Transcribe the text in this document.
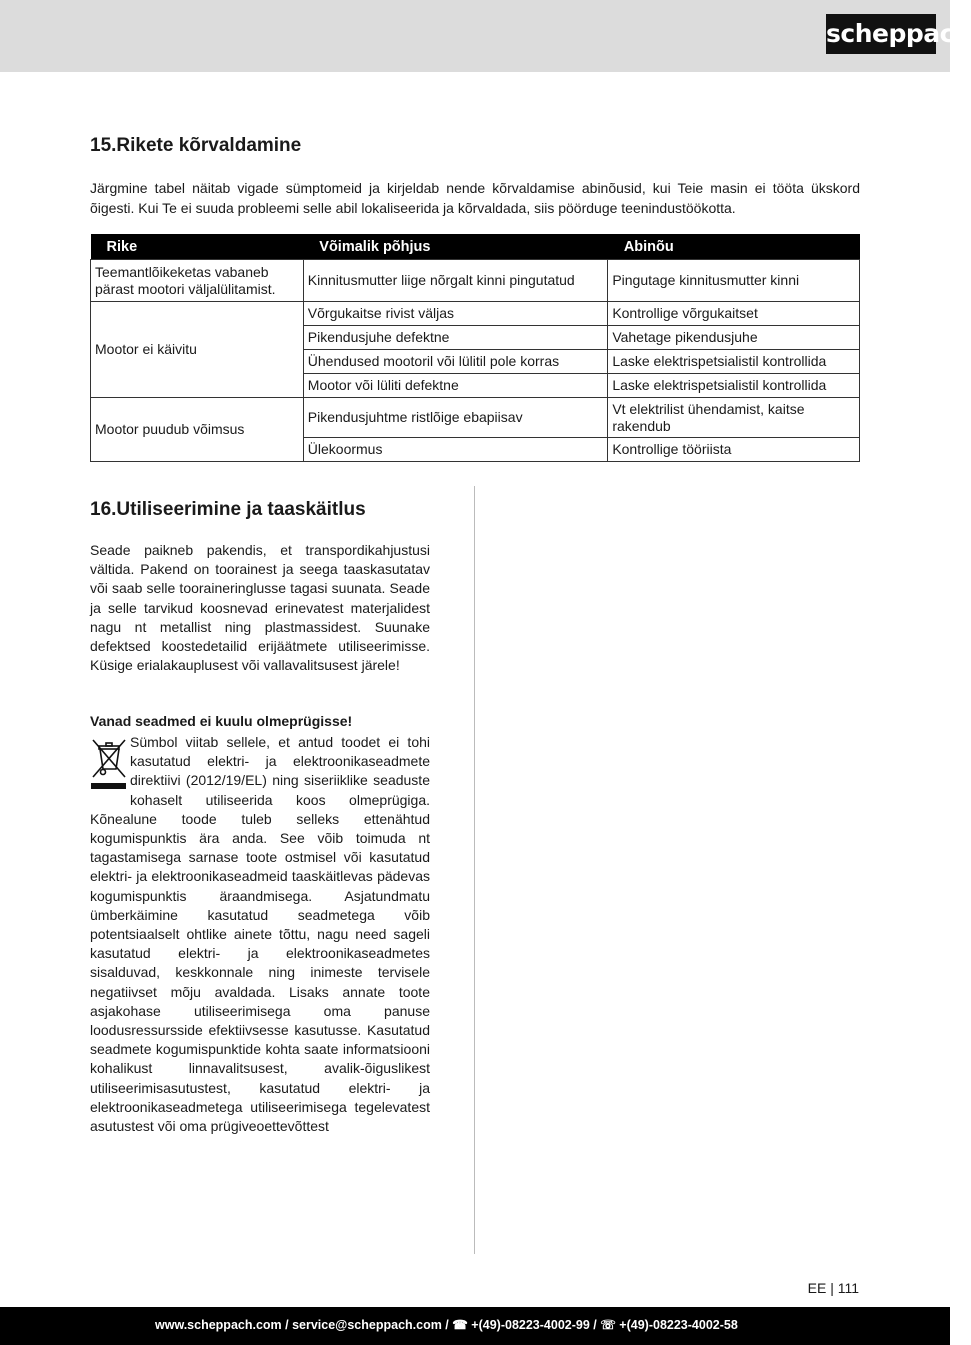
scheppach
15.Rikete kõrvaldamine
Järgmine tabel näitab vigade sümptomeid ja kirjeldab nende kõrvaldamise abinõusid, kui Teie masin ei tööta ükskord õigesti. Kui Te ei suuda probleemi selle abil lokaliseerida ja kõrvaldada, siis pöörduge teenindustöökotta.
Rike	Võimalik põhjus	Abinõu
Teemantlõikeketas vabaneb pärast mootori väljalülitamist.	Kinnitusmutter liige nõrgalt kinni pingutatud	Pingutage kinnitusmutter kinni
Mootor ei käivitu	Võrgukaitse rivist väljas	Kontrollige võrgukaitset
	Pikendusjuhe defektne	Vahetage pikendusjuhe
	Ühendused mootoril või lülitil pole korras	Laske elektrispetsialistil kontrollida
	Mootor või lüliti defektne	Laske elektrispetsialistil kontrollida
Mootor puudub võimsus	Pikendusjuhtme ristlõige ebapiisav	Vt elektrilist ühendamist, kaitse rakendub
	Ülekoormus	Kontrollige tööriista
16.Utiliseerimine ja taaskäitlus
Seade paikneb pakendis, et transpordikahjustusi vältida. Pakend on toorainest ja seega taaskasutatav või saab selle tooraineringlusse tagasi suunata. Seade ja selle tarvikud koosnevad erinevatest materjalidest nagu nt metallist ning plastmassidest. Suunake defektsed koostedetailid erijäätmete utiliseerimisse. Küsige erialakauplusest või vallavalitsusest järele!
Vanad seadmed ei kuulu olmeprügisse!
Sümbol viitab sellele, et antud toodet ei tohi kasutatud elektri- ja elektroonikaseadmete direktiivi (2012/19/EL) ning siseriiklike seaduste kohaselt utiliseerida koos olmeprügiga. Kõnealune toode tuleb selleks ettenähtud kogumispunktis ära anda. See võib toimuda nt tagastamisega sarnase toote ostmisel või kasutatud elektri- ja elektroonikaseadmeid taaskäitlevas pädevas kogumispunktis äraandmisega. Asjatundmatu ümberkäimine kasutatud seadmetega võib potentsiaalselt ohtlike ainete tõttu, nagu need sageli kasutatud elektri- ja elektroonikaseadmetes sisalduvad, keskkonnale ning inimeste tervisele negatiivset mõju avaldada. Lisaks annate toote asjakohase utiliseerimisega oma panuse loodusressursside efektiivsesse kasutusse. Kasutatud seadmete kogumispunktide kohta saate informatsiooni kohalikust linnavalitsusest, avalik-õiguslikest utiliseerimisasutustest, kasutatud elektri- ja elektroonikaseadmetega utiliseerimisega tegelevatest asutustest või oma prügiveoettevõttest
EE | 111
www.scheppach.com / service@scheppach.com / ☎ +(49)-08223-4002-99 / ☏ +(49)-08223-4002-58
